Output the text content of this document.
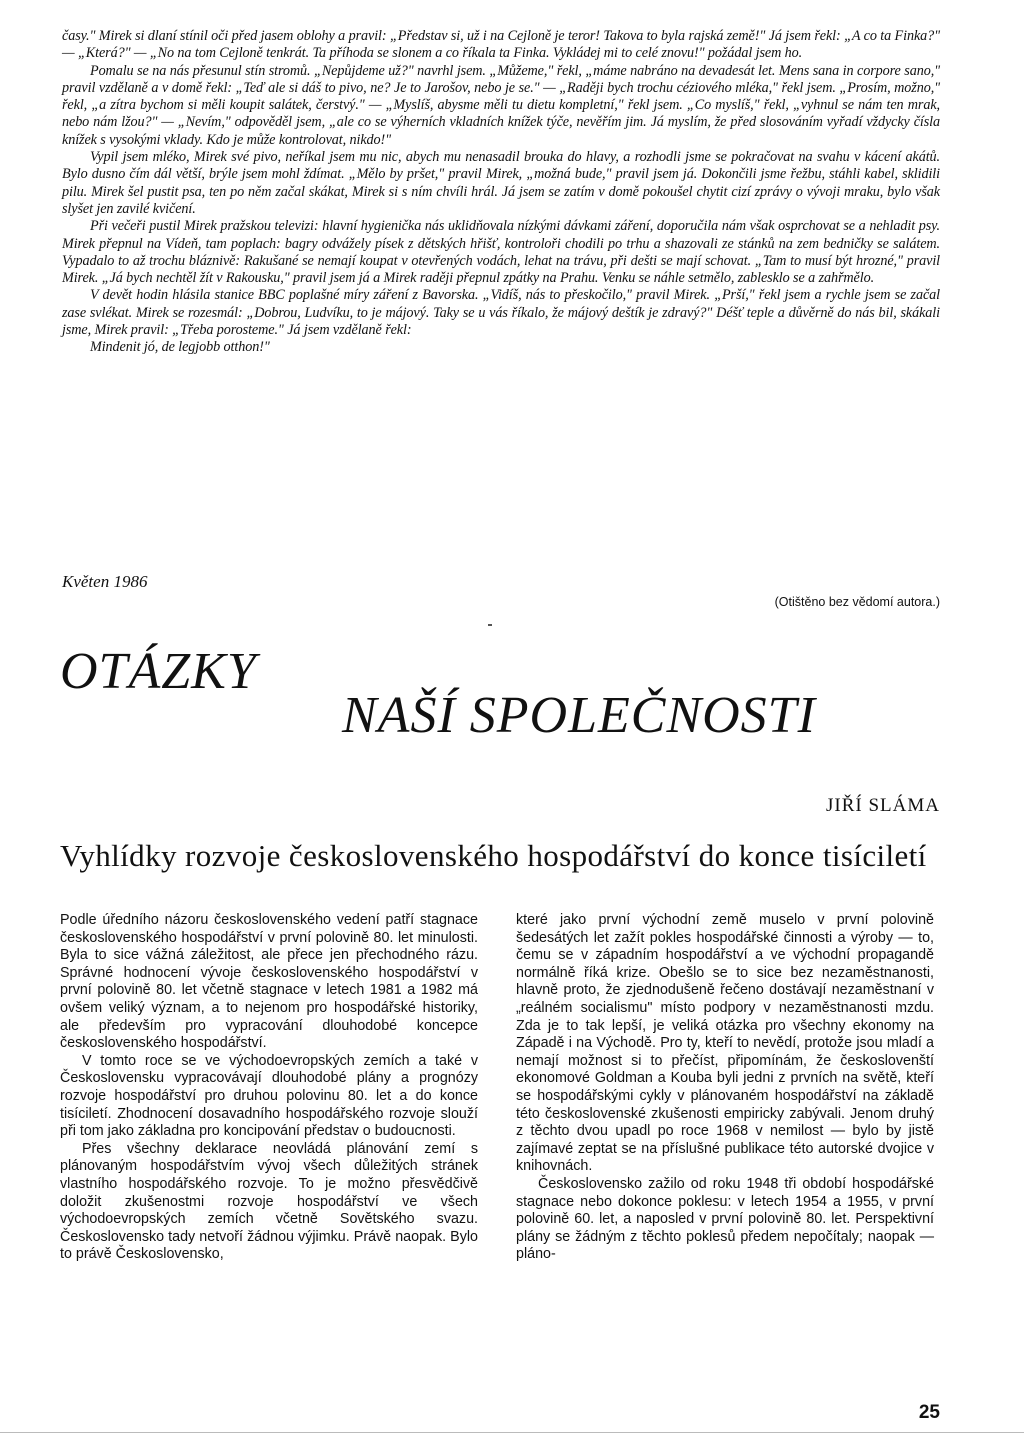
časy." Mirek si dlaní stínil oči před jasem oblohy a pravil: „Představ si, už i na Cejloně je teror! Takova to byla rajská země!" Já jsem řekl: „A co ta Finka?" — „Která?" — „No na tom Cejloně tenkrát. Ta příhoda se slonem a co říkala ta Finka. Vykládej mi to celé znovu!" požádal jsem ho.

Pomalu se na nás přesunul stín stromů. „Nepůjdeme už?" navrhl jsem. „Můžeme," řekl, „máme nabráno na devadesát let. Mens sana in corpore sano," pravil vzdělaně a v domě řekl: „Teď ale si dáš to pivo, ne? Je to Jarošov, nebo je se." — „Raději bych trochu céziového mléka," řekl jsem. „Prosím, možno," řekl, „a zítra bychom si měli koupit salátek, čerstvý." — „Myslíš, abysme měli tu dietu kompletní," řekl jsem. „Co myslíš," řekl, „vyhnul se nám ten mrak, nebo nám lžou?" — „Nevím," odpověděl jsem, „ale co se výherních vkladních knížek týče, nevěřím jim. Já myslím, že před slosováním vyřadí vždycky čísla knížek s vysokými vklady. Kdo je může kontrolovat, nikdo!"

Vypil jsem mléko, Mirek své pivo, neříkal jsem mu nic, abych mu nenasadil brouka do hlavy, a rozhodli jsme se pokračovat na svahu v kácení akátů. Bylo dusno čím dál větší, brýle jsem mohl ždímat. „Mělo by pršet," pravil Mirek, „možná bude," pravil jsem já. Dokončili jsme řežbu, stáhli kabel, sklidili pilu. Mirek šel pustit psa, ten po něm začal skákat, Mirek si s ním chvíli hrál. Já jsem se zatím v domě pokoušel chytit cizí zprávy o vývoji mraku, bylo však slyšet jen zavilé kvičení.

Při večeři pustil Mirek pražskou televizi: hlavní hygienička nás uklidňovala nízkými dávkami záření, doporučila nám však osprchovat se a nehladit psy. Mirek přepnul na Vídeň, tam poplach: bagry odvážely písek z dětských hřišť, kontroloři chodili po trhu a shazovali ze stánků na zem bedničky se salátem. Vypadalo to až trochu bláznivě: Rakušané se nemají koupat v otevřených vodách, lehat na trávu, při dešti se mají schovat. „Tam to musí být hrozné," pravil Mirek. „Já bych nechtěl žít v Rakousku," pravil jsem já a Mirek raději přepnul zpátky na Prahu. Venku se náhle setmělo, zablesklo se a zahřmělo.

V devět hodin hlásila stanice BBC poplašné míry záření z Bavorska. „Vidíš, nás to přeskočilo," pravil Mirek. „Prší," řekl jsem a rychle jsem se začal zase svlékat. Mirek se rozesmál: „Dobrou, Ludvíku, to je májový. Taky se u vás říkalo, že májový deštík je zdravý?" Déšť teple a důvěrně do nás bil, skákali jsme, Mirek pravil: „Třeba porosteme." Já jsem vzdělaně řekl:

Mindenit jó, de legjobb otthon!"

Květen 1986
(Otištěno bez vědomí autora.)
OTÁZKY
NAŠÍ SPOLEČNOSTI
JIŘÍ SLÁMA
Vyhlídky rozvoje československého hospodářství do konce tisíciletí

Podle úředního názoru československého vedení patří stagnace československého hospodářství v první polovině 80. let minulosti. Byla to sice vážná záležitost, ale přece jen přechodného rázu. Správné hodnocení vývoje československého hospodářství v první polovině 80. let včetně stagnace v letech 1981 a 1982 má ovšem veliký význam, a to nejenom pro hospodářské historiky, ale především pro vypracování dlouhodobé koncepce československého hospodářství.

V tomto roce se ve východoevropských zemích a také v Československu vypracovávají dlouhodobé plány a prognózy rozvoje hospodářství pro druhou polovinu 80. let a do konce tisíciletí. Zhodnocení dosavadního hospodářského rozvoje slouží při tom jako základna pro koncipování představ o budoucnosti.

Přes všechny deklarace neovládá plánování zemí s plánovaným hospodářstvím vývoj všech důležitých stránek vlastního hospodářského rozvoje. To je možno přesvědčivě doložit zkušenostmi rozvoje hospodářství ve všech východoevropských zemích včetně Sovětského svazu. Československo tady netvoří žádnou výjimku. Právě naopak. Bylo to právě Československo,

které jako první východní země muselo v první polovině šedesátých let zažít pokles hospodářské činnosti a výroby — to, čemu se v západním hospodářství a ve východní propagandě normálně říká krize. Obešlo se to sice bez nezaměstnanosti, hlavně proto, že zjednodušeně řečeno dostávají nezaměstnaní v „reálném socialismu" místo podpory v nezaměstnanosti mzdu. Zda je to tak lepší, je veliká otázka pro všechny ekonomy na Západě i na Východě. Pro ty, kteří to nevědí, protože jsou mladí a nemají možnost si to přečíst, připomínám, že českoslovenští ekonomové Goldman a Kouba byli jedni z prvních na světě, kteří se hospodářskými cykly v plánovaném hospodářství na základě této československé zkušenosti empiricky zabývali. Jenom druhý z těchto dvou upadl po roce 1968 v nemilost — bylo by jistě zajímavé zeptat se na příslušné publikace této autorské dvojice v knihovnách.

Československo zažilo od roku 1948 tři období hospodářské stagnace nebo dokonce poklesu: v letech 1954 a 1955, v první polovině 60. let, a naposled v první polovině 80. let. Perspektivní plány se žádným z těchto poklesů předem nepočítaly; naopak — pláno-

25
